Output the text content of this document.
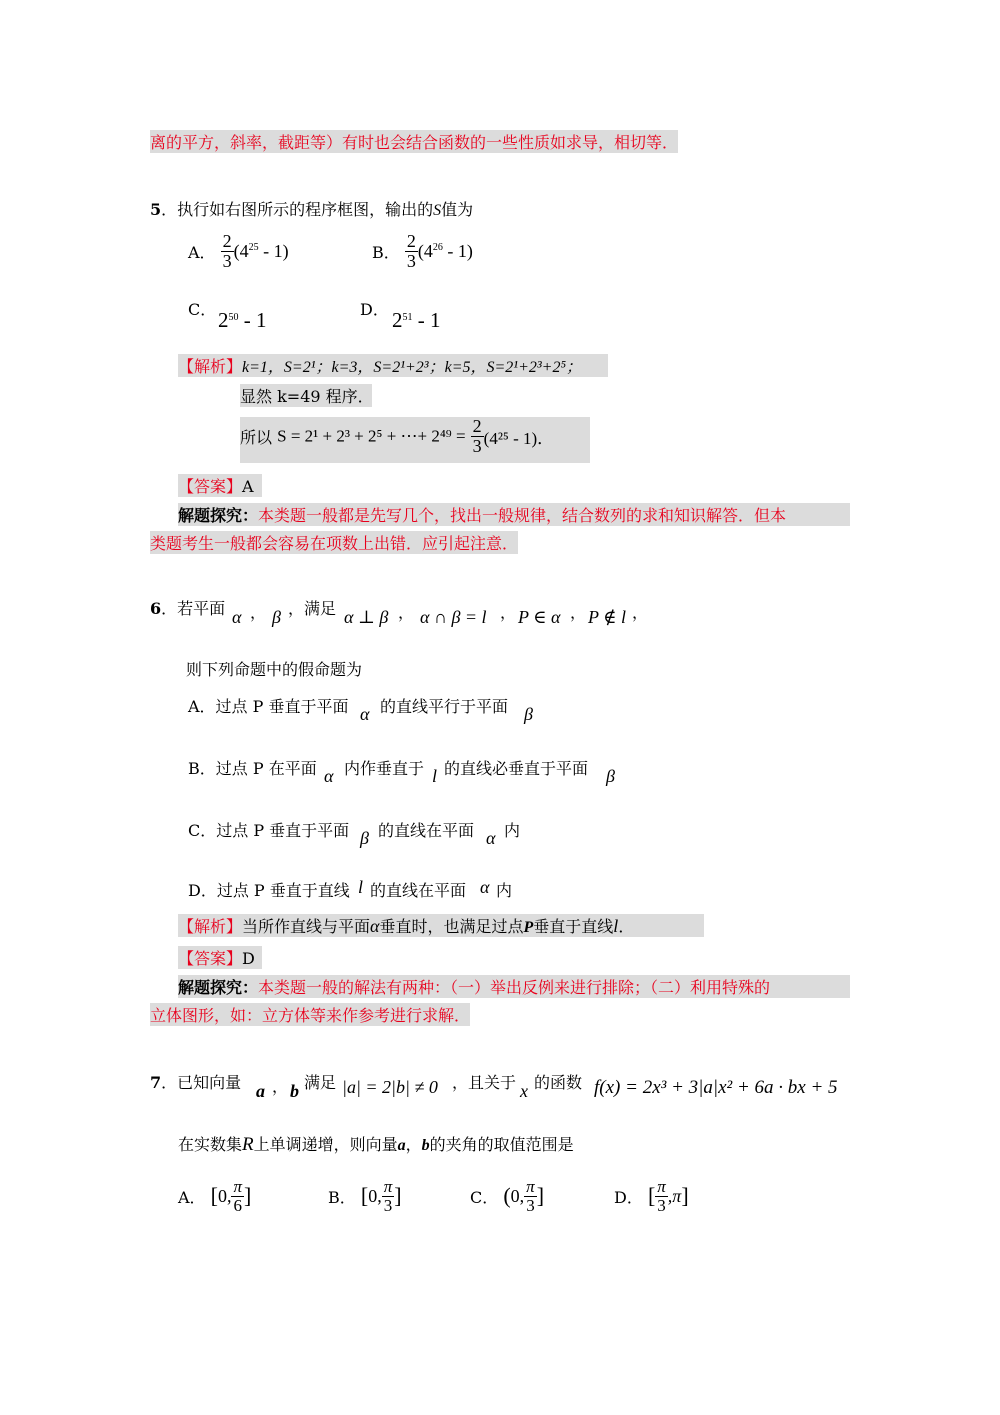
离的平方，斜率，截距等）有时也会结合函数的一些性质如求导，相切等．
5．执行如右图所示的程序框图，输出的S值为
A． $\frac{2}{3} (4^{25} - 1)$	B． $\frac{2}{3} (4^{26} - 1)$
C． $2^{50} - 1$	D． $2^{51} - 1$
【解析】k=1，S=2¹；k=3，S=2¹+2³；k=5，S=2¹+2³+2⁵；
显然 k=49 程序．
所以 S = 2¹ + 2³ + 2⁵ + ⋯+ $2^{49} = \frac{2}{3} (4^{25} - 1)$．
【答案】A
解题探究：本类题一般都是先写几个，找出一般规律，结合数列的求和知识解答．但本
类题考生一般都会容易在项数上出错．应引起注意．
6．若平面 α ， β ，满足 α ⊥ β ， α ∩ β = l ， P ∈ α ， P ∉ l ，
则下列命题中的假命题为
A．过点 P 垂直于平面 α 的直线平行于平面 β
B．过点 P 在平面 α 内作垂直于 l 的直线必垂直于平面 β
C．过点 P 垂直于平面 β 的直线在平面 α 内
D．过点 P 垂直于直线 l 的直线在平面 α 内
【解析】当所作直线与平面α垂直时，也满足过点P垂直于直线l．
【答案】D
解题探究：本类题一般的解法有两种：（一）举出反例来进行排除；（二）利用特殊的
立体图形，如：立方体等来作参考进行求解．
7．已知向量 a ， b 满足 |a| = 2|b| ≠ 0 ，且关于 x 的函数 f(x) = 2x³ + 3|a|x² + 6a · bx + 5
在实数集R上单调递增，则向量a，b的夹角的取值范围是
A． [0, $\frac{\pi}{6}$ ]	B． [0, $\frac{\pi}{3}$ ]	C． (0, $\frac{\pi}{3}$ ]	D． [ $\frac{\pi}{3} ,\pi$]
